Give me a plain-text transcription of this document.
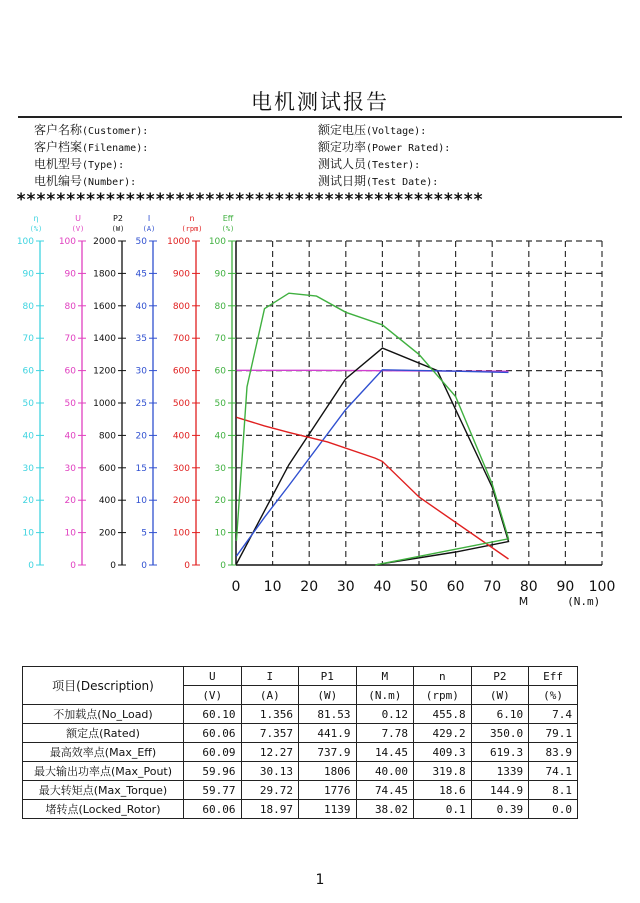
电机测试报告
客户名称(Customer):
客户档案(Filename):
电机型号(Type):
电机编号(Number):
额定电压(Voltage):
额定功率(Power Rated):
测试人员(Tester):
测试日期(Test Date):
***********************************************
0 10 20 30 40 50 60 70 80 90 100
M	(N.m)
η
(%)
100
90
80
70
60
50
40
30
20
10
0
U
(V)
100
90
80
70
60
50
40
30
20
10
0
P2
(W)
2000
1800
1600
1400
1200
1000
800
600
400
200
0
I
(A)
50
45
40
35
30
25
20
15
10
5
0
n
(rpm)
1000
900
800
700
600
500
400
300
200
100
0
Eff
(%)
100
90
80
70
60
50
40
30
20
10
0
项目(Description)	U	I	P1	M	n	P2	Eff
	(V)	(A)	(W)	(N.m)	(rpm)	(W)	(%)
不加载点(No_Load)	60.10	1.356	81.53	0.12	455.8	6.10	7.4
额定点(Rated)	60.06	7.357	441.9	7.78	429.2	350.0	79.1
最高效率点(Max_Eff)	60.09	12.27	737.9	14.45	409.3	619.3	83.9
最大输出功率点(Max_Pout)	59.96	30.13	1806	40.00	319.8	1339	74.1
最大转矩点(Max_Torque)	59.77	29.72	1776	74.45	18.6	144.9	8.1
堵转点(Locked_Rotor)	60.06	18.97	1139	38.02	0.1	0.39	0.0
1
